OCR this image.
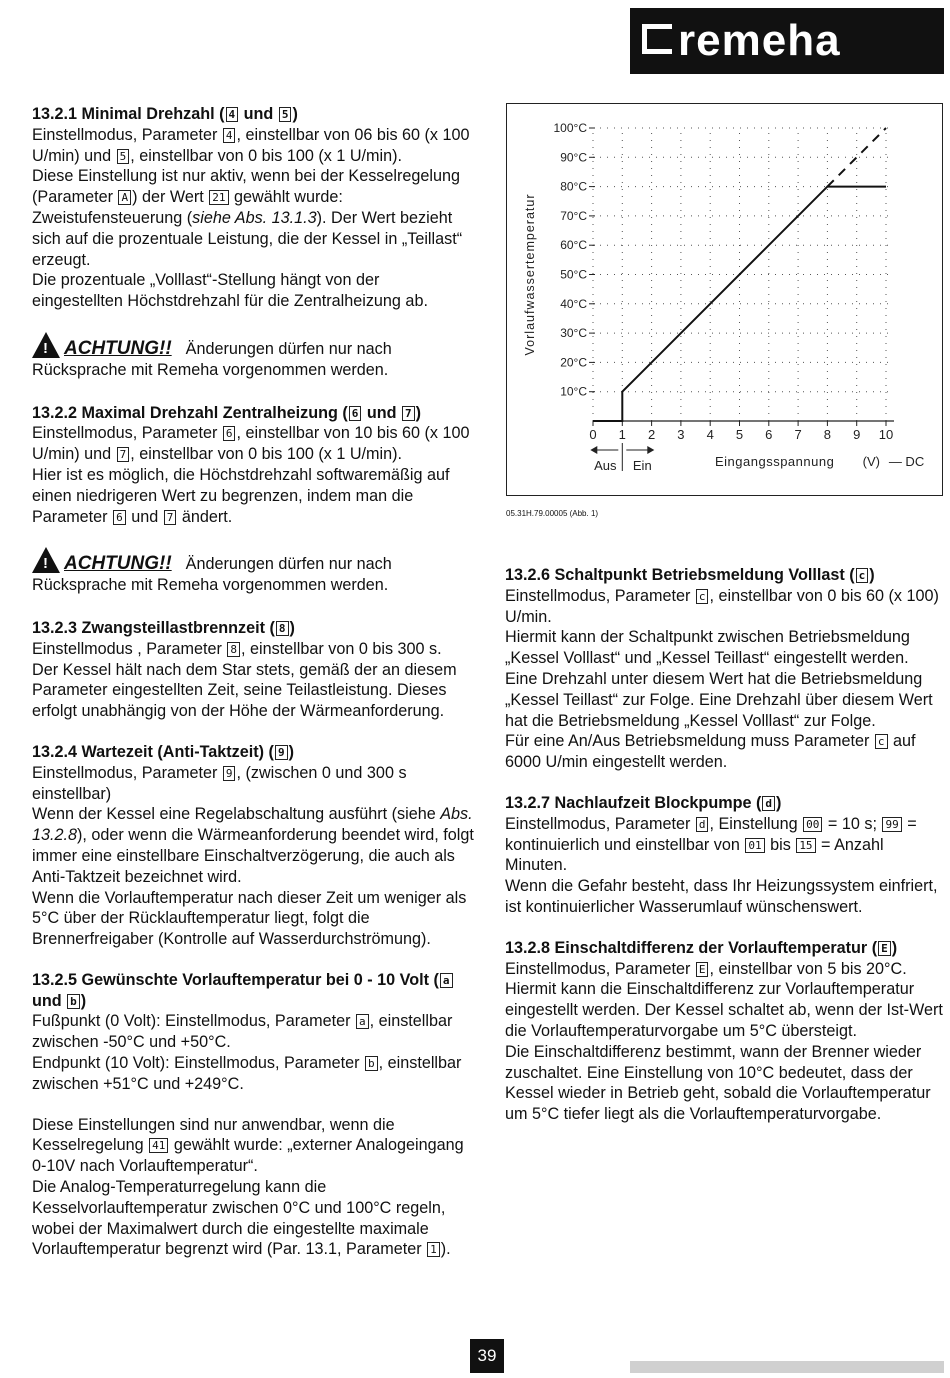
remeha
13.2.1 Minimal Drehzahl ( 4 und 5 )

Einstellmodus, Parameter 4 , einstellbar von 06 bis 60 (x 100 U/min) und 5 , einstellbar von 0 bis 100 (x 1 U/min).

Diese Einstellung ist nur aktiv, wenn bei der Kesselregelung (Parameter A ) der Wert 21 gewählt wurde: Zweistufensteuerung (siehe Abs. 13.1.3). Der Wert bezieht sich auf die prozentuale Leistung, die der Kessel in „Teillast“ erzeugt.

Die prozentuale „Volllast“-Stellung hängt von der eingestellten Höchstdrehzahl für die Zentralheizung ab.

!ACHTUNG!! Änderungen dürfen nur nach Rücksprache mit Remeha vorgenommen werden.
13.2.2 Maximal Drehzahl Zentralheizung ( 6 und 7 )

Einstellmodus, Parameter 6 , einstellbar von 10 bis 60 (x 100 U/min) und 7 , einstellbar von 0 bis 100 (x 1 U/min).

Hier ist es möglich, die Höchstdrehzahl softwaremäßig auf einen niedrigeren Wert zu begrenzen, indem man die Parameter 6 und 7 ändert.

!ACHTUNG!! Änderungen dürfen nur nach Rücksprache mit Remeha vorgenommen werden.
13.2.3 Zwangsteillastbrennzeit ( 8 )

Einstellmodus , Parameter 8 , einstellbar von 0 bis 300 s.

Der Kessel hält nach dem Star stets, gemäß der an diesem Parameter eingestellten Zeit, seine Teilastleistung. Dieses erfolgt unabhängig von der Höhe der Wärmeanforderung.

13.2.4 Wartezeit (Anti-Taktzeit) ( 9 )

Einstellmodus, Parameter 9 , (zwischen 0 und 300 s einstellbar)

Wenn der Kessel eine Regelabschaltung ausführt (siehe Abs. 13.2.8), oder wenn die Wärmeanforderung beendet wird, folgt immer eine einstellbare Einschaltverzögerung, die auch als Anti-Taktzeit bezeichnet wird.

Wenn die Vorlauftemperatur nach dieser Zeit um weniger als 5°C über der Rücklauftemperatur liegt, folgt die Brennerfreigaber (Kontrolle auf Wasserdurchströmung).

13.2.5 Gewünschte Vorlauftemperatur bei 0 - 10 Volt ( a und b )

Fußpunkt (0 Volt): Einstellmodus, Parameter a , einstellbar zwischen -50°C und +50°C.

Endpunkt (10 Volt): Einstellmodus, Parameter b , einstellbar zwischen +51°C und +249°C.

Diese Einstellungen sind nur anwendbar, wenn die Kesselregelung 41 gewählt wurde: „externer Analogeingang 0-10V nach Vorlauftemperatur“.

Die Analog-Temperaturregelung kann die Kesselvorlauftemperatur zwischen 0°C und 100°C regeln, wobei der Maximalwert durch die eingestellte maximale Vorlauftemperatur begrenzt wird (Par. 13.1, Parameter 1 ).

10°C
20°C
30°C
40°C
50°C
60°C
70°C
80°C
90°C
100°C
0 1 2 3 4 5 6 7 8 9 10
Vorlaufwassertemperatur
Aus Ein	Eingangsspannung (V) — DC
05.31H.79.00005 (Abb. 1)
13.2.6 Schaltpunkt Betriebsmeldung Volllast ( c )

Einstellmodus, Parameter c , einstellbar von 0 bis 60 (x 100) U/min.

Hiermit kann der Schaltpunkt zwischen Betriebsmeldung „Kessel Volllast“ und „Kessel Teillast“ eingestellt werden. Eine Drehzahl unter diesem Wert hat die Betriebsmeldung „Kessel Teillast“ zur Folge. Eine Drehzahl über diesem Wert hat die Betriebsmeldung „Kessel Volllast“ zur Folge.

Für eine An/Aus Betriebsmeldung muss Parameter c auf 6000 U/min eingestellt werden.

13.2.7 Nachlaufzeit Blockpumpe ( d )

Einstellmodus, Parameter d , Einstellung 00 = 10 s; 99 = kontinuierlich und einstellbar von 01 bis 15 = Anzahl Minuten.

Wenn die Gefahr besteht, dass Ihr Heizungssystem einfriert, ist kontinuierlicher Wasserumlauf wünschenswert.

13.2.8 Einschaltdifferenz der Vorlauftemperatur ( E )

Einstellmodus, Parameter E , einstellbar von 5 bis 20°C.

Hiermit kann die Einschaltdifferenz zur Vorlauftemperatur eingestellt werden. Der Kessel schaltet ab, wenn der Ist-Wert die Vorlauftemperaturvorgabe um 5°C übersteigt.

Die Einschaltdifferenz bestimmt, wann der Brenner wieder zuschaltet. Eine Einstellung von 10°C bedeutet, dass der Kessel wieder in Betrieb geht, sobald die Vorlauftemperatur um 5°C tiefer liegt als die Vorlauftemperaturvorgabe.

39
